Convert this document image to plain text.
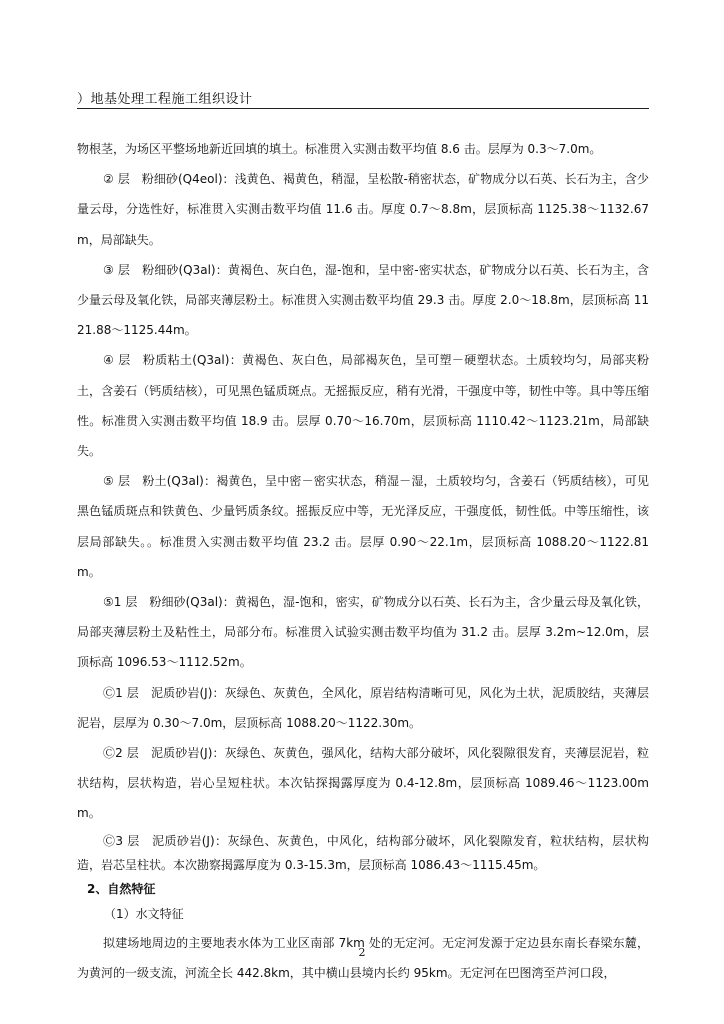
）地基处理工程施工组织设计

物根茎，为场区平整场地新近回填的填土。标准贯入实测击数平均值 8.6 击。层厚为 0.3～7.0m。

② 层　粉细砂(Q4eol)：浅黄色、褐黄色，稍湿，呈松散-稍密状态，矿物成分以石英、长石为主，含少量云母，分选性好，标准贯入实测击数平均值 11.6 击。厚度 0.7～8.8m，层顶标高 1125.38～1132.67m，局部缺失。

③ 层　粉细砂(Q3al)：黄褐色、灰白色，湿-饱和，呈中密-密实状态，矿物成分以石英、长石为主，含少量云母及氧化铁，局部夹薄层粉土。标准贯入实测击数平均值 29.3 击。厚度 2.0～18.8m，层顶标高 1121.88～1125.44m。

④ 层　粉质粘土(Q3al)：黄褐色、灰白色，局部褐灰色，呈可塑－硬塑状态。土质较均匀，局部夹粉土，含姜石（钙质结核），可见黑色锰质斑点。无摇振反应，稍有光滑，干强度中等，韧性中等。具中等压缩性。标准贯入实测击数平均值 18.9 击。层厚 0.70～16.70m，层顶标高 1110.42～1123.21m，局部缺失。

⑤ 层　粉土(Q3al)：褐黄色，呈中密－密实状态，稍湿－湿，土质较均匀，含姜石（钙质结核），可见黑色锰质斑点和铁黄色、少量钙质条纹。摇振反应中等，无光泽反应，干强度低，韧性低。中等压缩性，该层局部缺失。。标准贯入实测击数平均值 23.2 击。层厚 0.90～22.1m，层顶标高 1088.20～1122.81m。

⑤1 层　粉细砂(Q3al)：黄褐色，湿-饱和，密实，矿物成分以石英、长石为主，含少量云母及氧化铁，局部夹薄层粉土及粘性土，局部分布。标准贯入试验实测击数平均值为 31.2 击。层厚 3.2m~12.0m，层顶标高 1096.53～1112.52m。

Ⓒ1 层　泥质砂岩(J)：灰绿色、灰黄色，全风化，原岩结构清晰可见，风化为土状，泥质胶结，夹薄层泥岩，层厚为 0.30～7.0m，层顶标高 1088.20～1122.30m。

Ⓒ2 层　泥质砂岩(J)：灰绿色、灰黄色，强风化，结构大部分破坏，风化裂隙很发育，夹薄层泥岩，粒状结构，层状构造，岩心呈短柱状。本次钻探揭露厚度为 0.4-12.8m，层顶标高 1089.46～1123.00mm。

Ⓒ3 层　泥质砂岩(J)：灰绿色、灰黄色，中风化，结构部分破坏，风化裂隙发育，粒状结构，层状构造，岩芯呈柱状。本次勘察揭露厚度为 0.3-15.3m，层顶标高 1086.43～1115.45m。

2、自然特征

（1）水文特征

拟建场地周边的主要地表水体为工业区南部 7km 处的无定河。无定河发源于定边县东南长春梁东麓，为黄河的一级支流，河流全长 442.8km，其中横山县境内长约 95km。无定河在巴图湾至芦河口段，

2
